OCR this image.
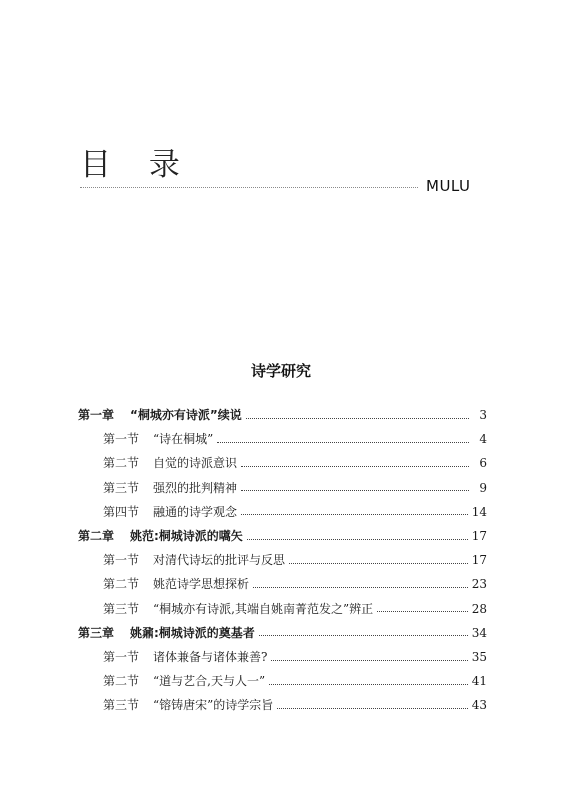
目 录
MULU
诗学研究
第一章	“桐城亦有诗派”续说	3
第一节	“诗在桐城”	4
第二节	自觉的诗派意识	6
第三节	强烈的批判精神	9
第四节	融通的诗学观念	14
第二章	姚范:桐城诗派的嚆矢	17
第一节	对清代诗坛的批评与反思	17
第二节	姚范诗学思想探析	23
第三节	“桐城亦有诗派,其端自姚南菁范发之”辨正	28
第三章	姚鼐:桐城诗派的奠基者	34
第一节	诸体兼备与诸体兼善?	35
第二节	“道与艺合,天与人一”	41
第三节	“镕铸唐宋”的诗学宗旨	43
